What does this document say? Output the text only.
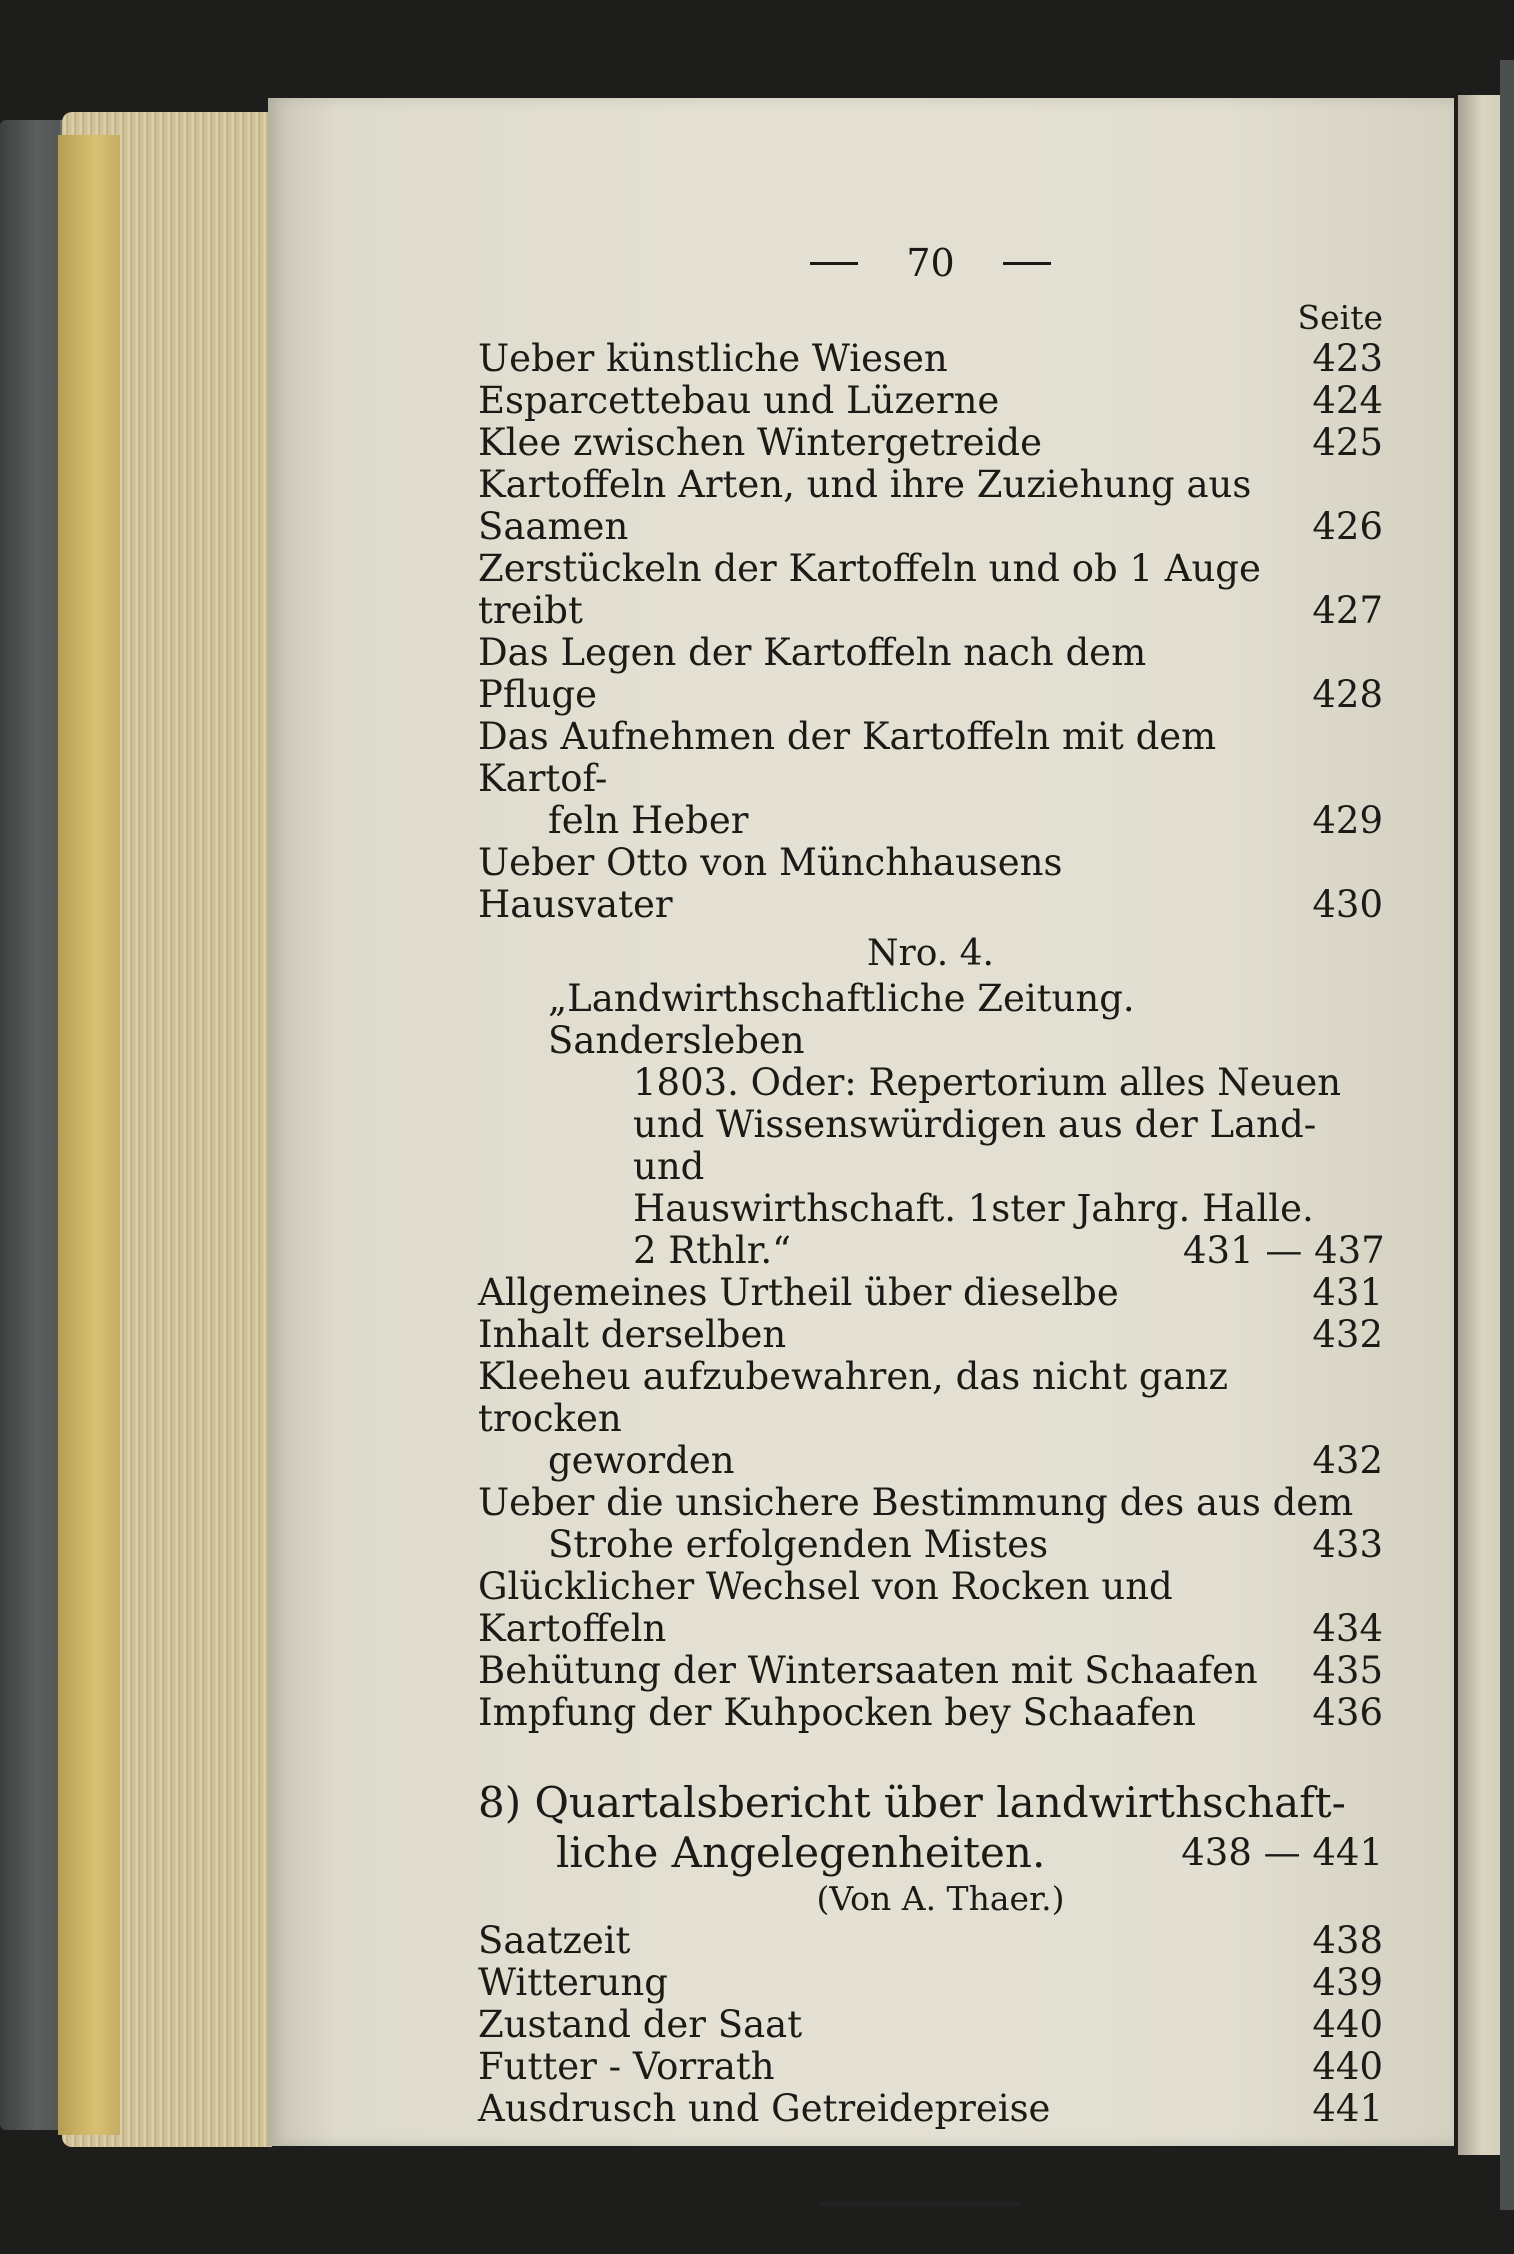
70
Seite
Ueber künstliche Wiesen	423
Esparcettebau und Lüzerne	424
Klee zwischen Wintergetreide	425
Kartoffeln Arten, und ihre Zuziehung aus Saamen	426
Zerstückeln der Kartoffeln und ob 1 Auge treibt	427
Das Legen der Kartoffeln nach dem Pfluge	428
Das Aufnehmen der Kartoffeln mit dem Kartof-
feln Heber	429
Ueber Otto von Münchhausens Hausvater	430
Nro. 4.
„Landwirthschaftliche Zeitung. Sandersleben
1803. Oder: Repertorium alles Neuen
und Wissenswürdigen aus der Land- und
Hauswirthschaft. 1ster Jahrg. Halle.
2 Rthlr.“	431 — 437
Allgemeines Urtheil über dieselbe	431
Inhalt derselben	432
Kleeheu aufzubewahren, das nicht ganz trocken
geworden	432
Ueber die unsichere Bestimmung des aus dem
Strohe erfolgenden Mistes	433
Glücklicher Wechsel von Rocken und Kartoffeln	434
Behütung der Wintersaaten mit Schaafen	435
Impfung der Kuhpocken bey Schaafen	436
8) Quartalsbericht über landwirthschaft-
liche Angelegenheiten.	438 — 441
(Von A. Thaer.)
Saatzeit	438
Witterung	439
Zustand der Saat	440
Futter - Vorrath	440
Ausdrusch und Getreidepreise	441
